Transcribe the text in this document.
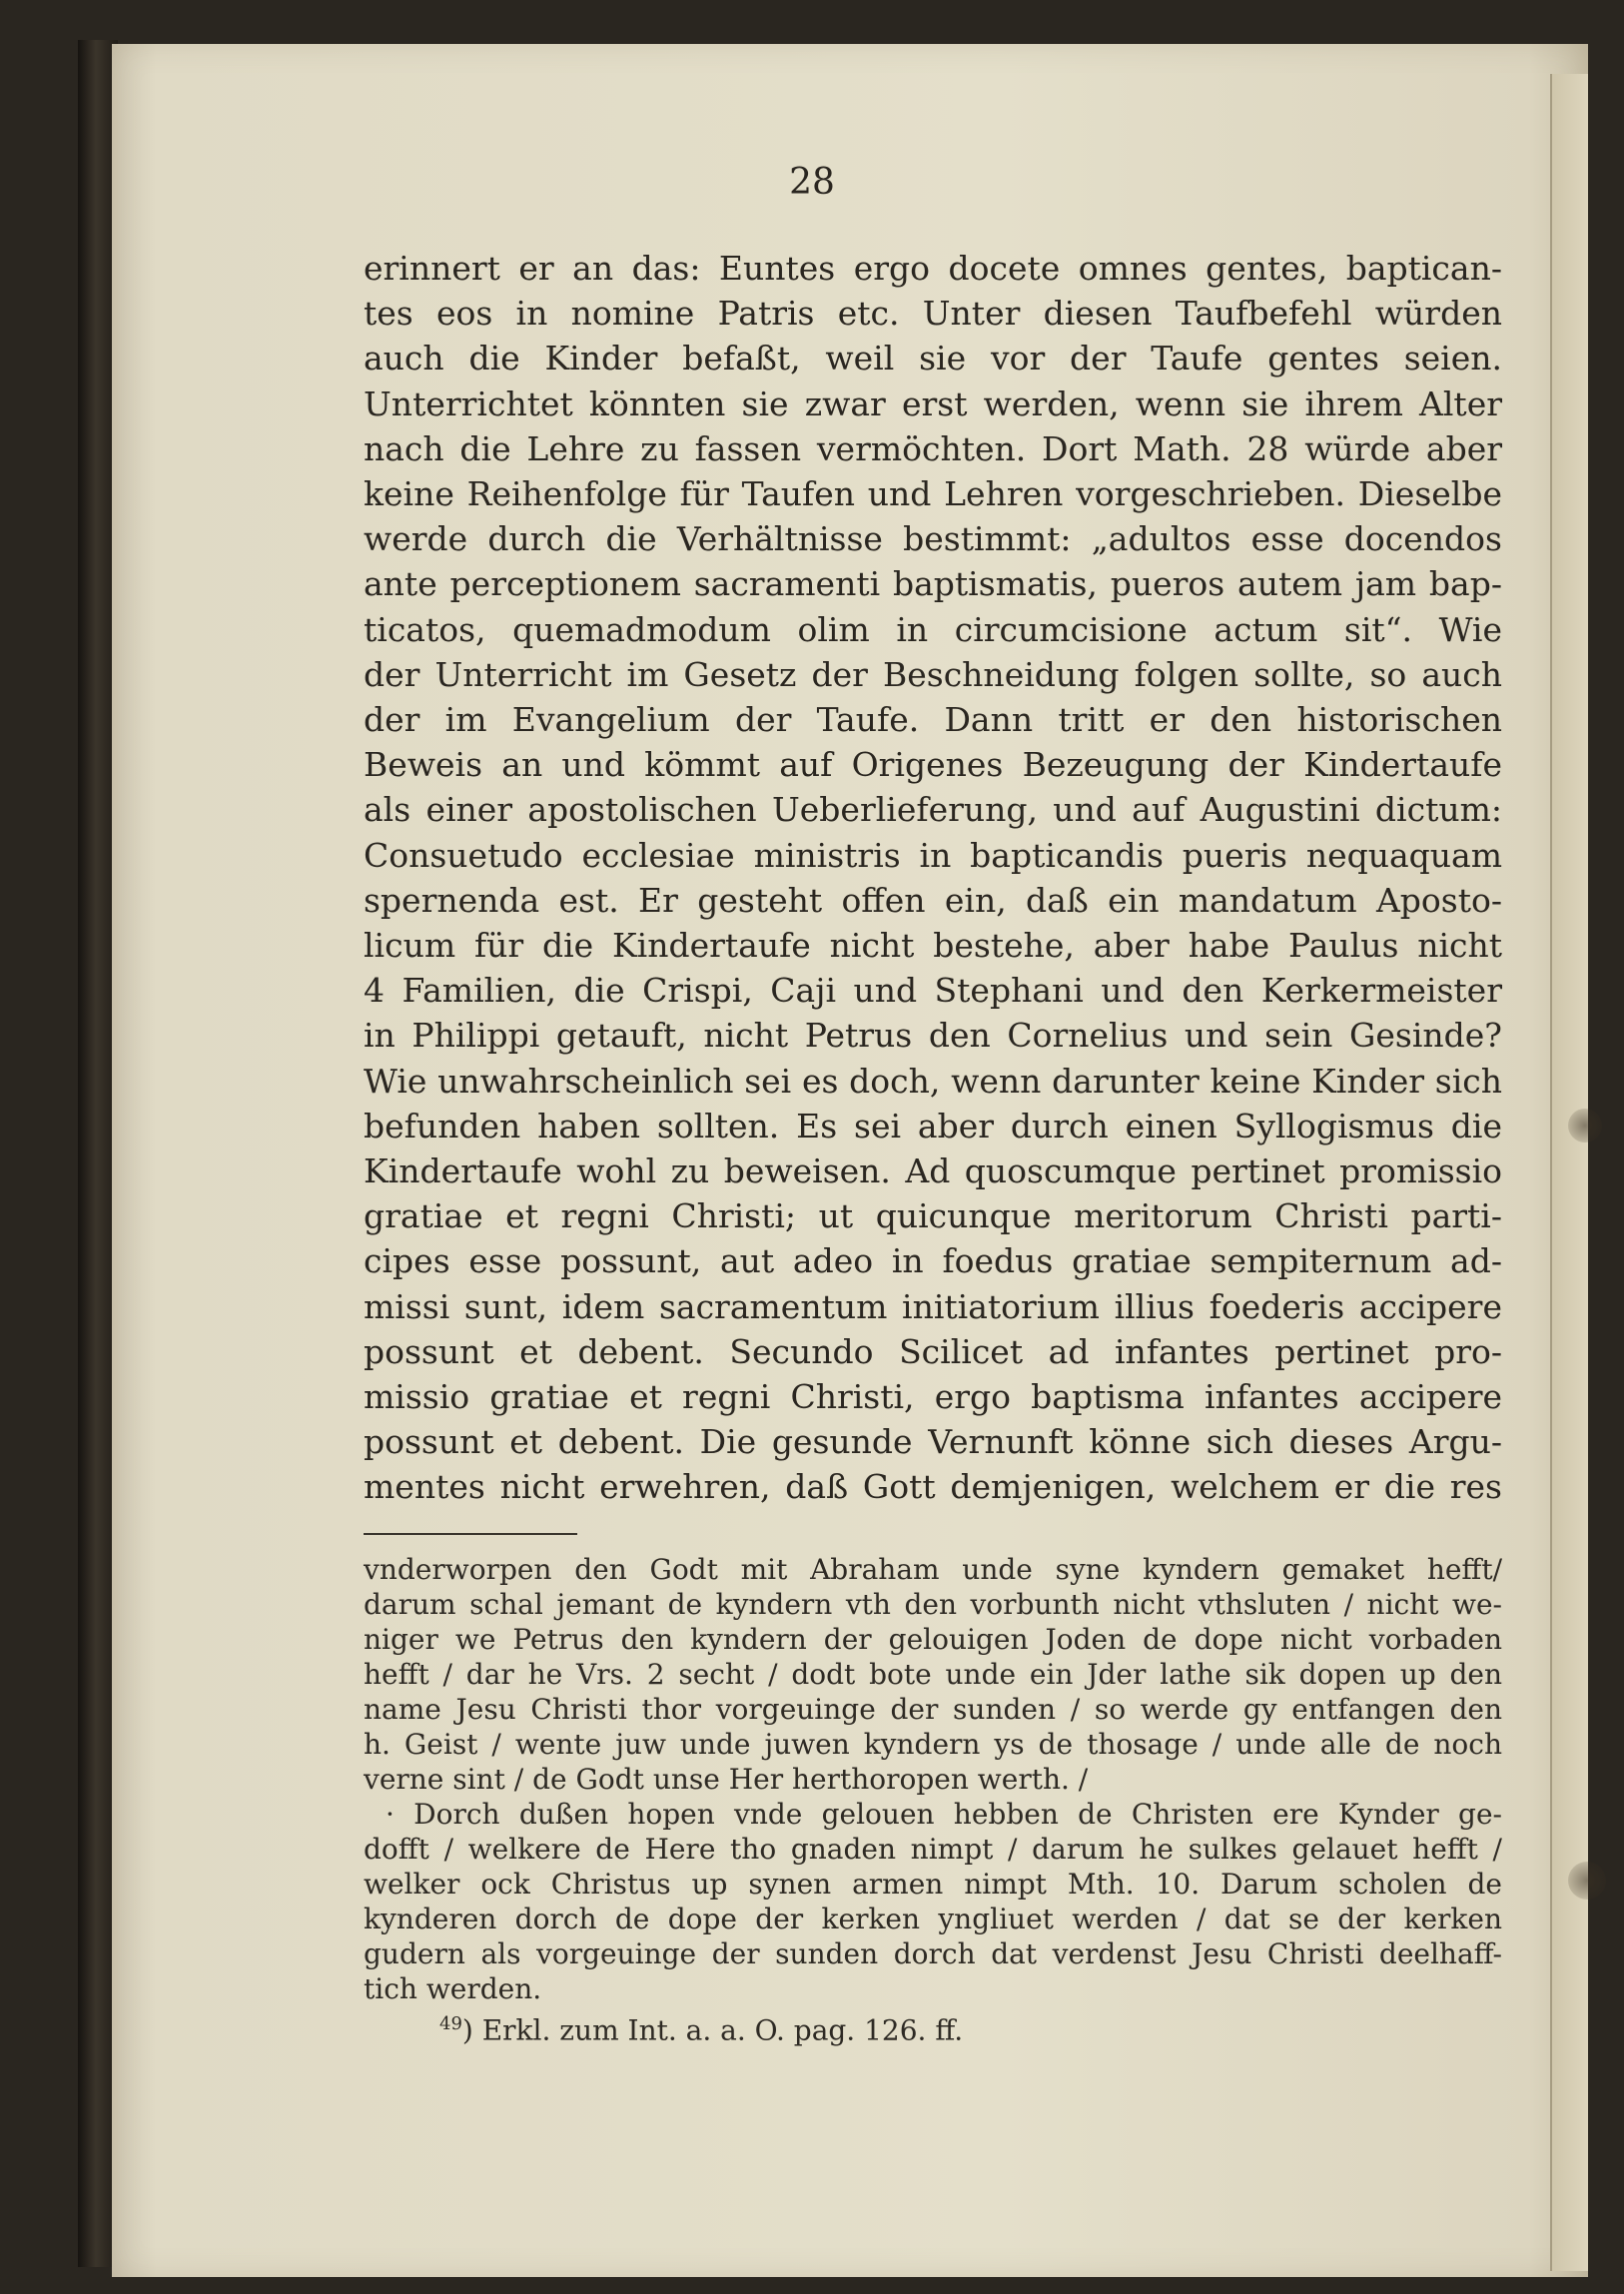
28
erinnert er an das: Euntes ergo docete omnes gentes, baptican-
tes eos in nomine Patris etc. Unter diesen Taufbefehl würden
auch die Kinder befaßt, weil sie vor der Taufe gentes seien.
Unterrichtet könnten sie zwar erst werden, wenn sie ihrem Alter
nach die Lehre zu fassen vermöchten. Dort Math. 28 würde aber
keine Reihenfolge für Taufen und Lehren vorgeschrieben. Dieselbe
werde durch die Verhältnisse bestimmt: „adultos esse docendos
ante perceptionem sacramenti baptismatis, pueros autem jam bap-
ticatos, quemadmodum olim in circumcisione actum sit“. Wie
der Unterricht im Gesetz der Beschneidung folgen sollte, so auch
der im Evangelium der Taufe. Dann tritt er den historischen
Beweis an und kömmt auf Origenes Bezeugung der Kindertaufe
als einer apostolischen Ueberlieferung, und auf Augustini dictum:
Consuetudo ecclesiae ministris in bapticandis pueris nequaquam
spernenda est. Er gesteht offen ein, daß ein mandatum Aposto-
licum für die Kindertaufe nicht bestehe, aber habe Paulus nicht
4 Familien, die Crispi, Caji und Stephani und den Kerkermeister
in Philippi getauft, nicht Petrus den Cornelius und sein Gesinde?
Wie unwahrscheinlich sei es doch, wenn darunter keine Kinder sich
befunden haben sollten. Es sei aber durch einen Syllogismus die
Kindertaufe wohl zu beweisen. Ad quoscumque pertinet promissio
gratiae et regni Christi; ut quicunque meritorum Christi parti-
cipes esse possunt, aut adeo in foedus gratiae sempiternum ad-
missi sunt, idem sacramentum initiatorium illius foederis accipere
possunt et debent. Secundo Scilicet ad infantes pertinet pro-
missio gratiae et regni Christi, ergo baptisma infantes accipere
possunt et debent. Die gesunde Vernunft könne sich dieses Argu-
mentes nicht erwehren, daß Gott demjenigen, welchem er die res
vnderworpen den Godt mit Abraham unde syne kyndern gemaket hefft/
darum schal jemant de kyndern vth den vorbunth nicht vthsluten / nicht we-
niger we Petrus den kyndern der gelouigen Joden de dope nicht vorbaden
hefft / dar he Vrs. 2 secht / dodt bote unde ein Jder lathe sik dopen up den
name Jesu Christi thor vorgeuinge der sunden / so werde gy entfangen den
h. Geist / wente juw unde juwen kyndern ys de thosage / unde alle de noch
verne sint / de Godt unse Her herthoropen werth. /
· Dorch dußen hopen vnde gelouen hebben de Christen ere Kynder ge-
dofft / welkere de Here tho gnaden nimpt / darum he sulkes gelauet hefft /
welker ock Christus up synen armen nimpt Mth. 10. Darum scholen de
kynderen dorch de dope der kerken yngliuet werden / dat se der kerken
gudern als vorgeuinge der sunden dorch dat verdenst Jesu Christi deelhaff-
tich werden.
$^{49}$) Erkl. zum Int. a. a. O. pag. 126. ff.
